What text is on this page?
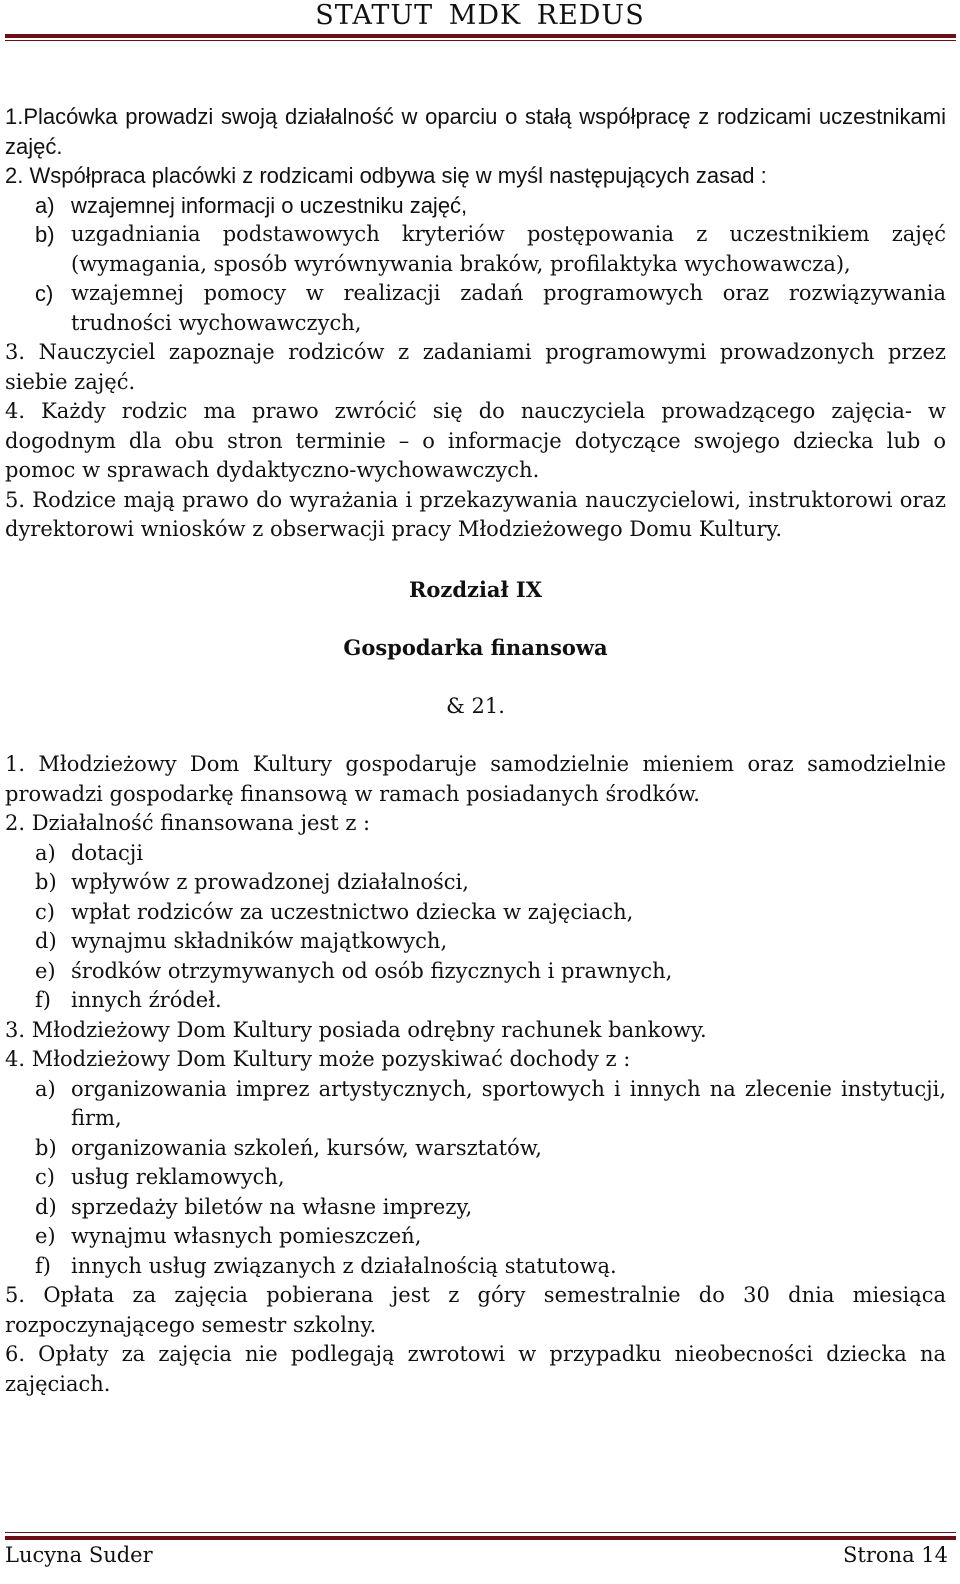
STATUT MDK REDUS

1.Placówka prowadzi swoją działalność w oparciu o stałą współpracę z rodzicami uczestnikami zajęć.

2. Współpraca placówki z rodzicami odbywa się w myśl następujących zasad :

a) wzajemnej informacji o uczestniku zajęć,
b) uzgadniania podstawowych kryteriów postępowania z uczestnikiem zajęć (wymagania, sposób wyrównywania braków, profilaktyka wychowawcza),
c) wzajemnej pomocy w realizacji zadań programowych oraz rozwiązywania trudności wychowawczych,

3. Nauczyciel zapoznaje rodziców z zadaniami programowymi prowadzonych przez siebie zajęć.

4. Każdy rodzic ma prawo zwrócić się do nauczyciela prowadzącego zajęcia- w dogodnym dla obu stron terminie – o informacje dotyczące swojego dziecka lub o pomoc w sprawach dydaktyczno-wychowawczych.

5. Rodzice mają prawo do wyrażania i przekazywania nauczycielowi, instruktorowi oraz dyrektorowi wniosków z obserwacji pracy Młodzieżowego Domu Kultury.

Rozdział IX

Gospodarka finansowa

& 21.

1. Młodzieżowy Dom Kultury gospodaruje samodzielnie mieniem oraz samodzielnie prowadzi gospodarkę finansową w ramach posiadanych środków.

2. Działalność finansowana jest z :

a) dotacji
b) wpływów z prowadzonej działalności,
c) wpłat rodziców za uczestnictwo dziecka w zajęciach,
d) wynajmu składników majątkowych,
e) środków otrzymywanych od osób fizycznych i prawnych,
f) innych źródeł.

3. Młodzieżowy Dom Kultury posiada odrębny rachunek bankowy.

4. Młodzieżowy Dom Kultury może pozyskiwać dochody z :

a) organizowania imprez artystycznych, sportowych i innych na zlecenie instytucji, firm,
b) organizowania szkoleń, kursów, warsztatów,
c) usług reklamowych,
d) sprzedaży biletów na własne imprezy,
e) wynajmu własnych pomieszczeń,
f) innych usług związanych z działalnością statutową.

5. Opłata za zajęcia pobierana jest z góry semestralnie do 30 dnia miesiąca rozpoczynającego semestr szkolny.

6. Opłaty za zajęcia nie podlegają zwrotowi w przypadku nieobecności dziecka na zajęciach.

Lucyna Suder	Strona 14
